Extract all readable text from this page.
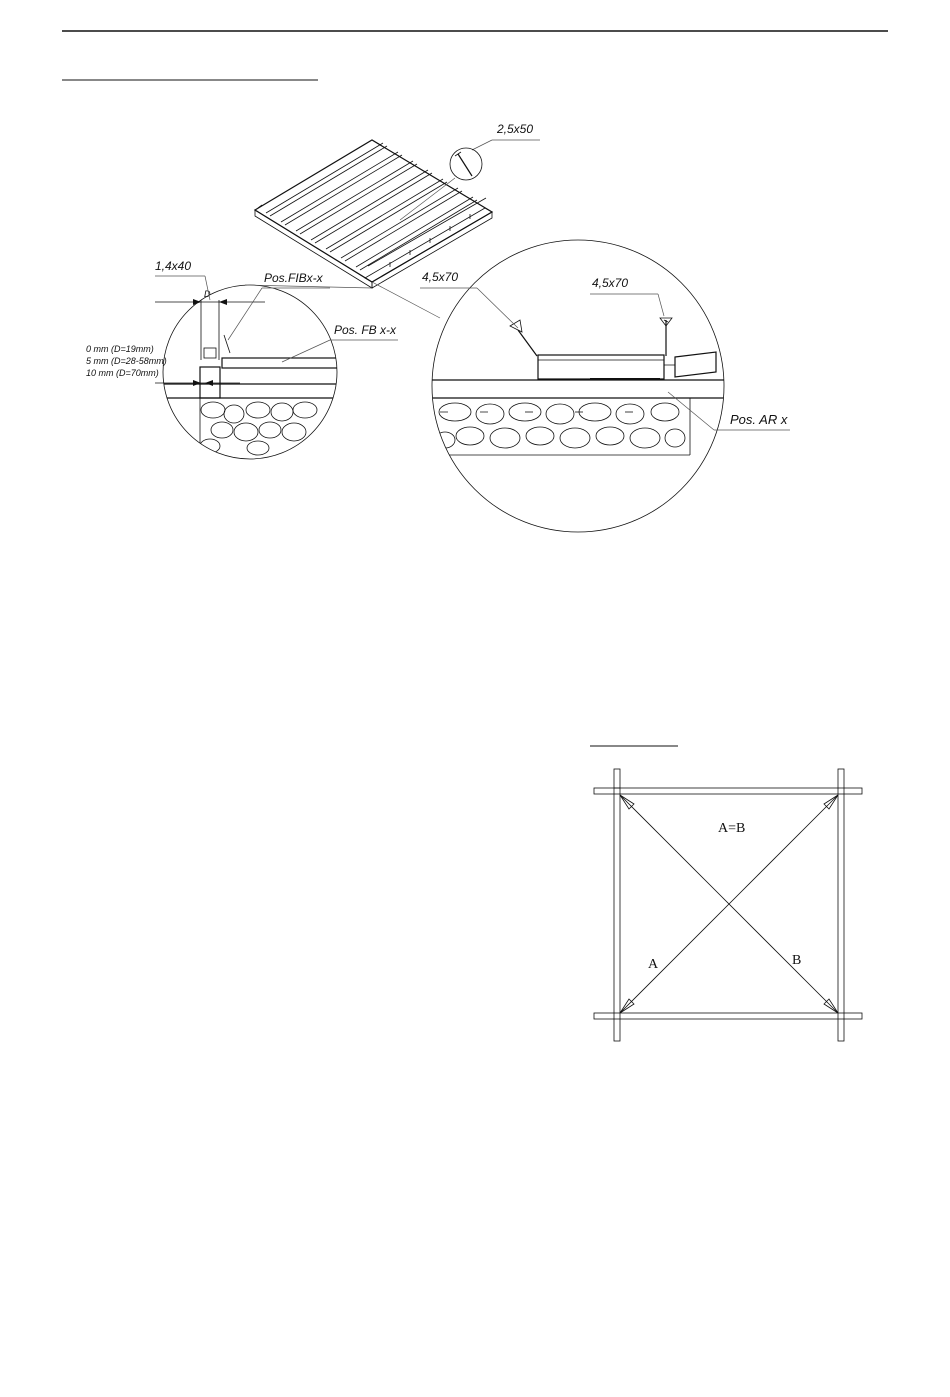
2,5x50
D
1,4x40
0 mm (D=19mm)
5 mm (D=28-58mm)
10 mm (D=70mm)
Pos.FIBx-x
Pos. FB x-x
4,5x70	4,5x70
Pos. AR x
A=B
A	B
